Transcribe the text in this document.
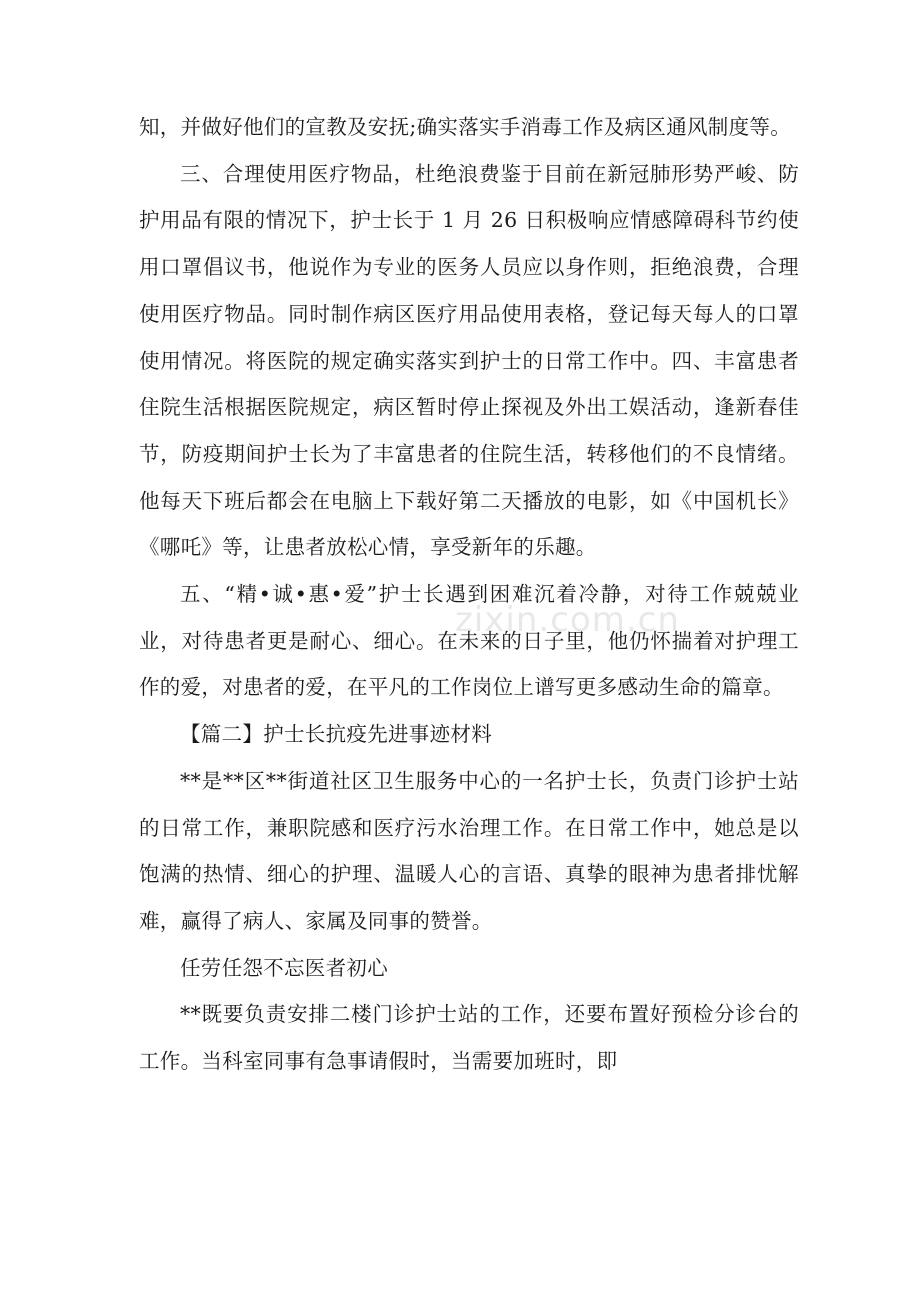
知，并做好他们的宣教及安抚;确实落实手消毒工作及病区通风制度等。

三、合理使用医疗物品，杜绝浪费鉴于目前在新冠肺形势严峻、防护用品有限的情况下，护士长于 1 月 26 日积极响应情感障碍科节约使用口罩倡议书，他说作为专业的医务人员应以身作则，拒绝浪费，合理使用医疗物品。同时制作病区医疗用品使用表格，登记每天每人的口罩使用情况。将医院的规定确实落实到护士的日常工作中。四、丰富患者住院生活根据医院规定，病区暂时停止探视及外出工娱活动，逢新春佳节，防疫期间护士长为了丰富患者的住院生活，转移他们的不良情绪。他每天下班后都会在电脑上下载好第二天播放的电影，如《中国机长》《哪吒》等，让患者放松心情，享受新年的乐趣。

五、“精•诚•惠•爱”护士长遇到困难沉着冷静，对待工作兢兢业业，对待患者更是耐心、细心。在未来的日子里，他仍怀揣着对护理工作的爱，对患者的爱，在平凡的工作岗位上谱写更多感动生命的篇章。

【篇二】护士长抗疫先进事迹材料

**是**区**街道社区卫生服务中心的一名护士长，负责门诊护士站的日常工作，兼职院感和医疗污水治理工作。在日常工作中，她总是以饱满的热情、细心的护理、温暖人心的言语、真挚的眼神为患者排忧解难，赢得了病人、家属及同事的赞誉。

任劳任怨不忘医者初心

**既要负责安排二楼门诊护士站的工作，还要布置好预检分诊台的工作。当科室同事有急事请假时，当需要加班时，即

zixin.com.cn
